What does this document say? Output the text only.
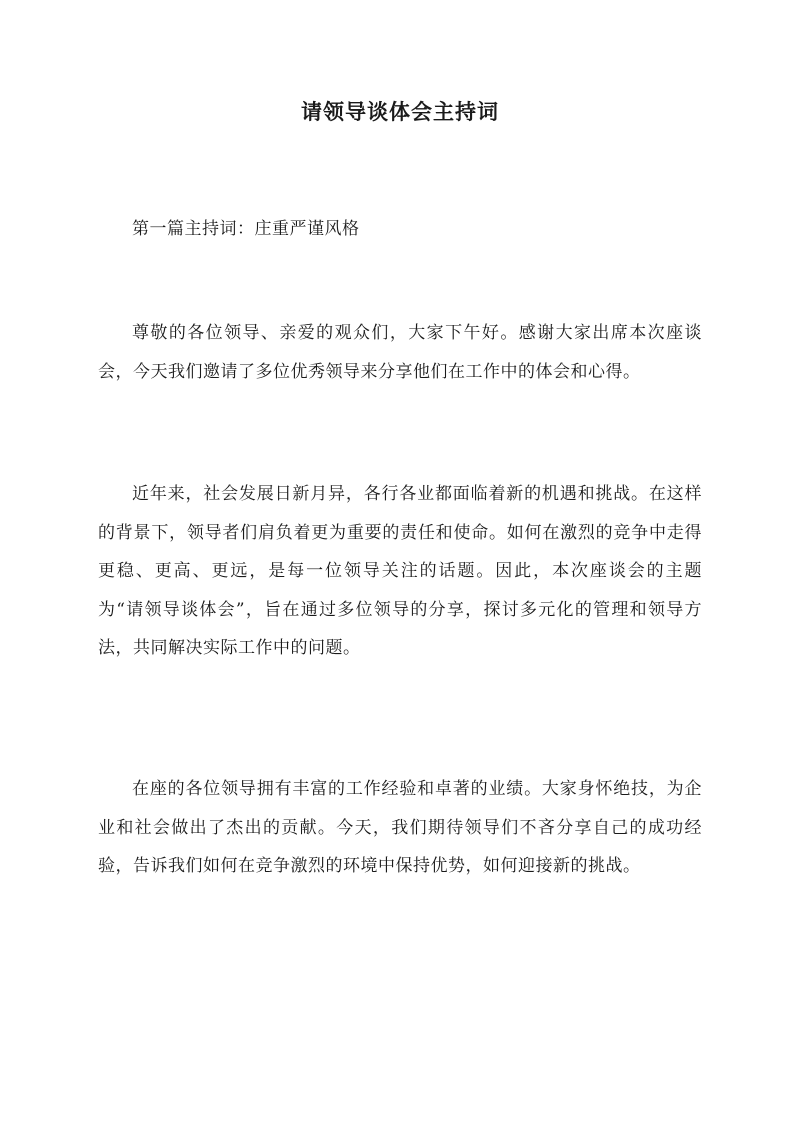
请领导谈体会主持词

第一篇主持词：庄重严谨风格

尊敬的各位领导、亲爱的观众们，大家下午好。感谢大家出席本次座谈会，今天我们邀请了多位优秀领导来分享他们在工作中的体会和心得。

近年来，社会发展日新月异，各行各业都面临着新的机遇和挑战。在这样的背景下，领导者们肩负着更为重要的责任和使命。如何在激烈的竞争中走得更稳、更高、更远，是每一位领导关注的话题。因此，本次座谈会的主题为“请领导谈体会”，旨在通过多位领导的分享，探讨多元化的管理和领导方法，共同解决实际工作中的问题。

在座的各位领导拥有丰富的工作经验和卓著的业绩。大家身怀绝技，为企业和社会做出了杰出的贡献。今天，我们期待领导们不吝分享自己的成功经验，告诉我们如何在竞争激烈的环境中保持优势，如何迎接新的挑战。
